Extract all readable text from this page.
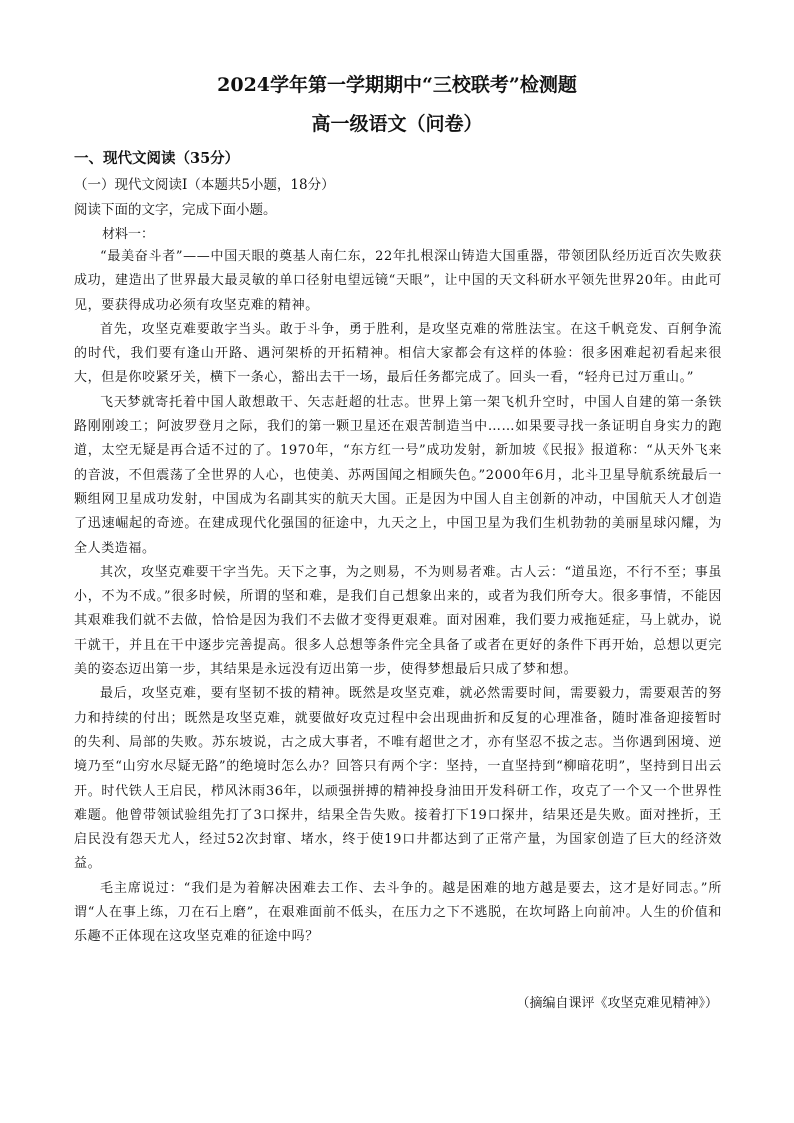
2024学年第一学期期中“三校联考”检测题
高一级语文（问卷）

一、现代文阅读（35分）

（一）现代文阅读Ⅰ（本题共5小题，18分）

阅读下面的文字，完成下面小题。

材料一：

“最美奋斗者”——中国天眼的奠基人南仁东，22年扎根深山铸造大国重器，带领团队经历近百次失败获成功，建造出了世界最大最灵敏的单口径射电望远镜“天眼”，让中国的天文科研水平领先世界20年。由此可见，要获得成功必须有攻坚克难的精神。

首先，攻坚克难要敢字当头。敢于斗争，勇于胜利，是攻坚克难的常胜法宝。在这千帆竞发、百舸争流的时代，我们要有逢山开路、遇河架桥的开拓精神。相信大家都会有这样的体验：很多困难起初看起来很大，但是你咬紧牙关，横下一条心，豁出去干一场，最后任务都完成了。回头一看，“轻舟已过万重山。”

飞天梦就寄托着中国人敢想敢干、矢志赶超的壮志。世界上第一架飞机升空时，中国人自建的第一条铁路刚刚竣工；阿波罗登月之际，我们的第一颗卫星还在艰苦制造当中……如果要寻找一条证明自身实力的跑道，太空无疑是再合适不过的了。1970年，“东方红一号”成功发射，新加坡《民报》报道称：“从天外飞来的音波，不但震荡了全世界的人心，也使美、苏两国闻之相顾失色。”2000年6月，北斗卫星导航系统最后一颗组网卫星成功发射，中国成为名副其实的航天大国。正是因为中国人自主创新的冲动，中国航天人才创造了迅速崛起的奇迹。在建成现代化强国的征途中，九天之上，中国卫星为我们生机勃勃的美丽星球闪耀，为全人类造福。

其次，攻坚克难要干字当先。天下之事，为之则易，不为则易者难。古人云：“道虽迩，不行不至；事虽小，不为不成。”很多时候，所谓的坚和难，是我们自己想象出来的，或者为我们所夸大。很多事情，不能因其艰难我们就不去做，恰恰是因为我们不去做才变得更艰难。面对困难，我们要力戒拖延症，马上就办，说干就干，并且在干中逐步完善提高。很多人总想等条件完全具备了或者在更好的条件下再开始，总想以更完美的姿态迈出第一步，其结果是永远没有迈出第一步，使得梦想最后只成了梦和想。

最后，攻坚克难，要有坚韧不拔的精神。既然是攻坚克难，就必然需要时间，需要毅力，需要艰苦的努力和持续的付出；既然是攻坚克难，就要做好攻克过程中会出现曲折和反复的心理准备，随时准备迎接暂时的失利、局部的失败。苏东坡说，古之成大事者，不唯有超世之才，亦有坚忍不拔之志。当你遇到困境、逆境乃至“山穷水尽疑无路”的绝境时怎么办？回答只有两个字：坚持，一直坚持到“柳暗花明”，坚持到日出云开。时代铁人王启民，栉风沐雨36年，以顽强拼搏的精神投身油田开发科研工作，攻克了一个又一个世界性难题。他曾带领试验组先打了3口探井，结果全告失败。接着打下19口探井，结果还是失败。面对挫折，王启民没有怨天尤人，经过52次封窜、堵水，终于使19口井都达到了正常产量，为国家创造了巨大的经济效益。

毛主席说过：“我们是为着解决困难去工作、去斗争的。越是困难的地方越是要去，这才是好同志。”所谓“人在事上练，刀在石上磨”，在艰难面前不低头，在压力之下不逃脱，在坎坷路上向前冲。人生的价值和乐趣不正体现在这攻坚克难的征途中吗？

（摘编自课评《攻坚克难见精神》）
